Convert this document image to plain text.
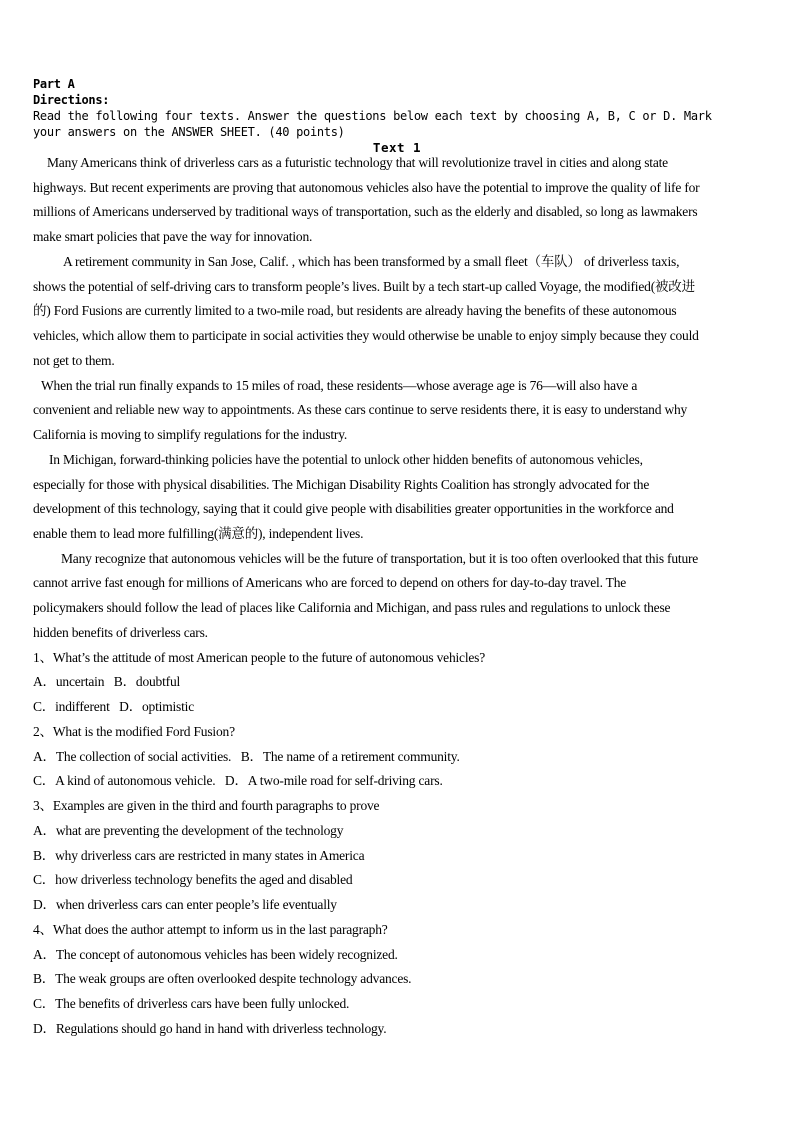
Part A
Directions:
Read the following four texts. Answer the questions below each text by choosing A, B, C or D. Mark
your answers on the ANSWER SHEET. (40 points)
Text 1
Many Americans think of driverless cars as a futuristic technology that will revolutionize travel in cities and along state
highways. But recent experiments are proving that autonomous vehicles also have the potential to improve the quality of life for
millions of Americans underserved by traditional ways of transportation, such as the elderly and disabled, so long as lawmakers
make smart policies that pave the way for innovation.
A retirement community in San Jose, Calif. , which has been transformed by a small fleet（车队） of driverless taxis,
shows the potential of self-driving cars to transform people’s lives. Built by a tech start-up called Voyage, the modified(被改进
的) Ford Fusions are currently limited to a two-mile road, but residents are already having the benefits of these autonomous
vehicles, which allow them to participate in social activities they would otherwise be unable to enjoy simply because they could
not get to them.
When the trial run finally expands to 15 miles of road, these residents—whose average age is 76—will also have a
convenient and reliable new way to appointments. As these cars continue to serve residents there, it is easy to understand why
California is moving to simplify regulations for the industry.
In Michigan, forward-thinking policies have the potential to unlock other hidden benefits of autonomous vehicles,
especially for those with physical disabilities. The Michigan Disability Rights Coalition has strongly advocated for the
development of this technology, saying that it could give people with disabilities greater opportunities in the workforce and
enable them to lead more fulfilling(满意的), independent lives.
Many recognize that autonomous vehicles will be the future of transportation, but it is too often overlooked that this future
cannot arrive fast enough for millions of Americans who are forced to depend on others for day-to-day travel. The
policymakers should follow the lead of places like California and Michigan, and pass rules and regulations to unlock these
hidden benefits of driverless cars.
1、What’s the attitude of most American people to the future of autonomous vehicles?
A．uncertain   B．doubtful
C．indifferent   D．optimistic
2、What is the modified Ford Fusion?
A．The collection of social activities.   B．The name of a retirement community.
C．A kind of autonomous vehicle.   D．A two-mile road for self-driving cars.
3、Examples are given in the third and fourth paragraphs to prove
A．what are preventing the development of the technology
B．why driverless cars are restricted in many states in America
C．how driverless technology benefits the aged and disabled
D．when driverless cars can enter people’s life eventually
4、What does the author attempt to inform us in the last paragraph?
A．The concept of autonomous vehicles has been widely recognized.
B．The weak groups are often overlooked despite technology advances.
C．The benefits of driverless cars have been fully unlocked.
D．Regulations should go hand in hand with driverless technology.
